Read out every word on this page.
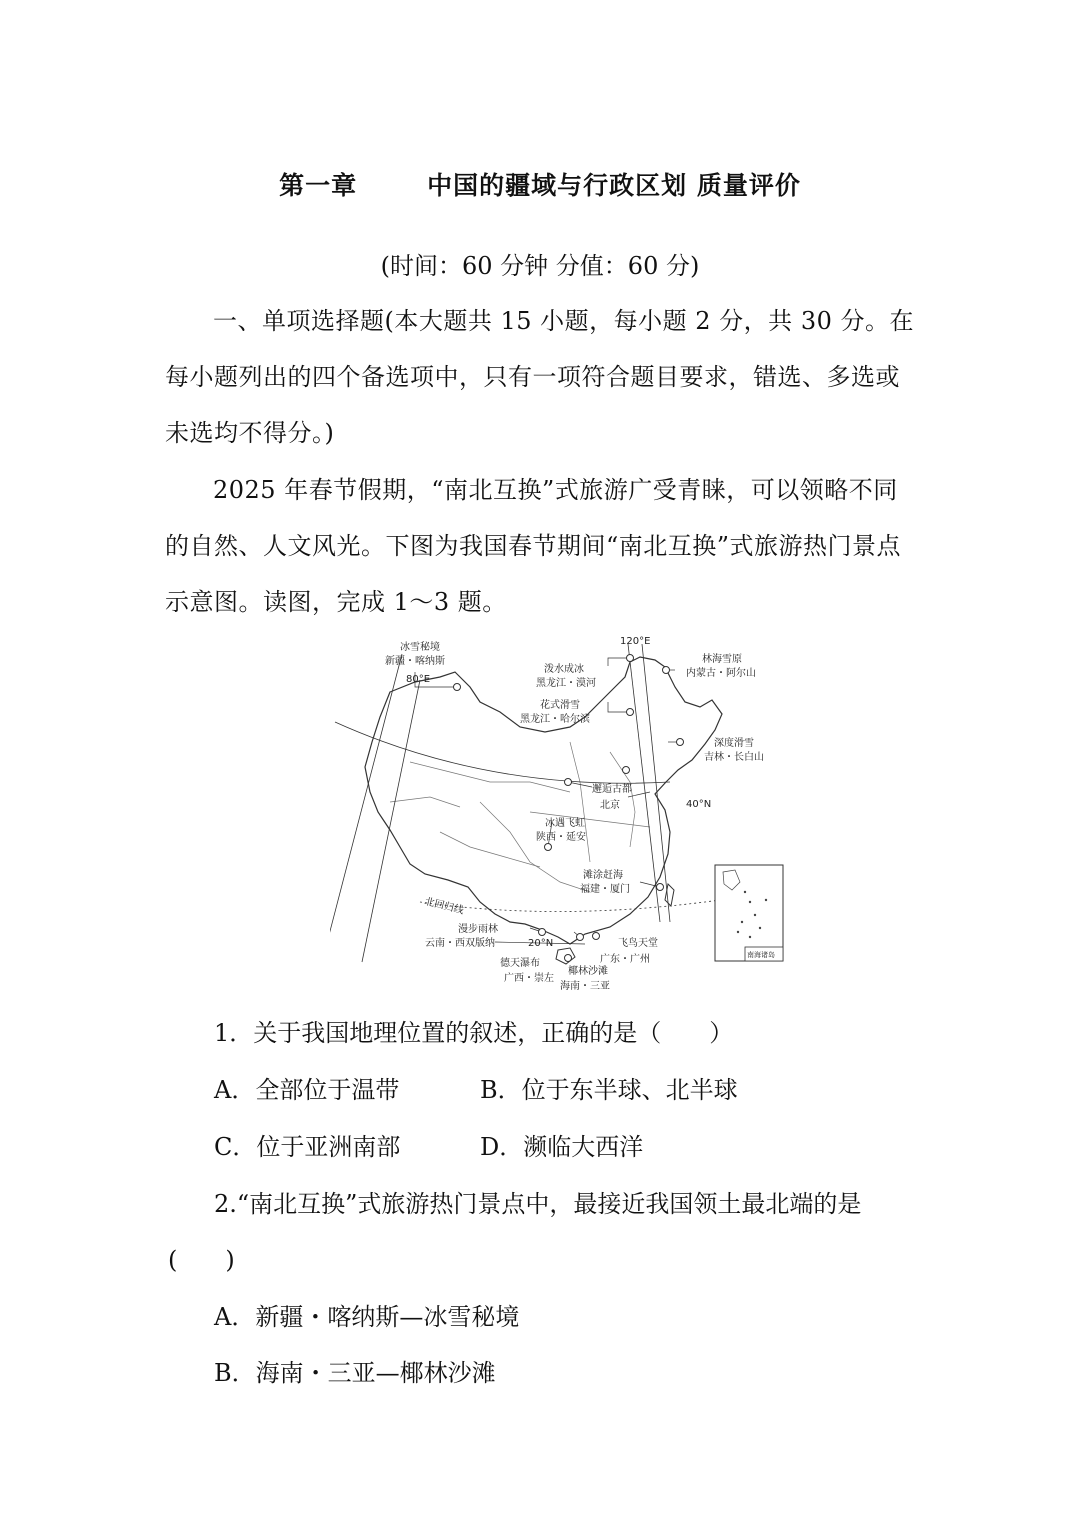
第一章	中国的疆域与行政区划 质量评价
(时间：60 分钟 分值：60 分)
一、单项选择题(本大题共 15 小题，每小题 2 分，共 30 分。在每小题列出的四个备选项中，只有一项符合题目要求，错选、多选或未选均不得分。)
2025 年春节假期，“南北互换”式旅游广受青睐，可以领略不同的自然、人文风光。下图为我国春节期间“南北互换”式旅游热门景点示意图。读图，完成 1～3 题。
冰雪秘境
新疆・喀纳斯
80°E
120°E
泼水成冰
黑龙江・漠河
林海雪原
内蒙古・阿尔山
花式滑雪
黑龙江・哈尔滨
深度滑雪
吉林・长白山
邂逅古都
北京	40°N
冰遇飞虹
陕西・延安
滩涂赶海
福建・厦门
北回归线
漫步雨林
云南・西双版纳	20°N	飞鸟天堂
广东・广州
德天瀑布
广西・崇左
椰林沙滩
海南・三亚
南海诸岛
1．关于我国地理位置的叙述，正确的是（　　）
A．全部位于温带	B．位于东半球、北半球
C．位于亚洲南部	D．濒临大西洋
2.“南北互换”式旅游热门景点中，最接近我国领土最北端的是
(　　)
A．新疆・喀纳斯—冰雪秘境
B．海南・三亚—椰林沙滩
